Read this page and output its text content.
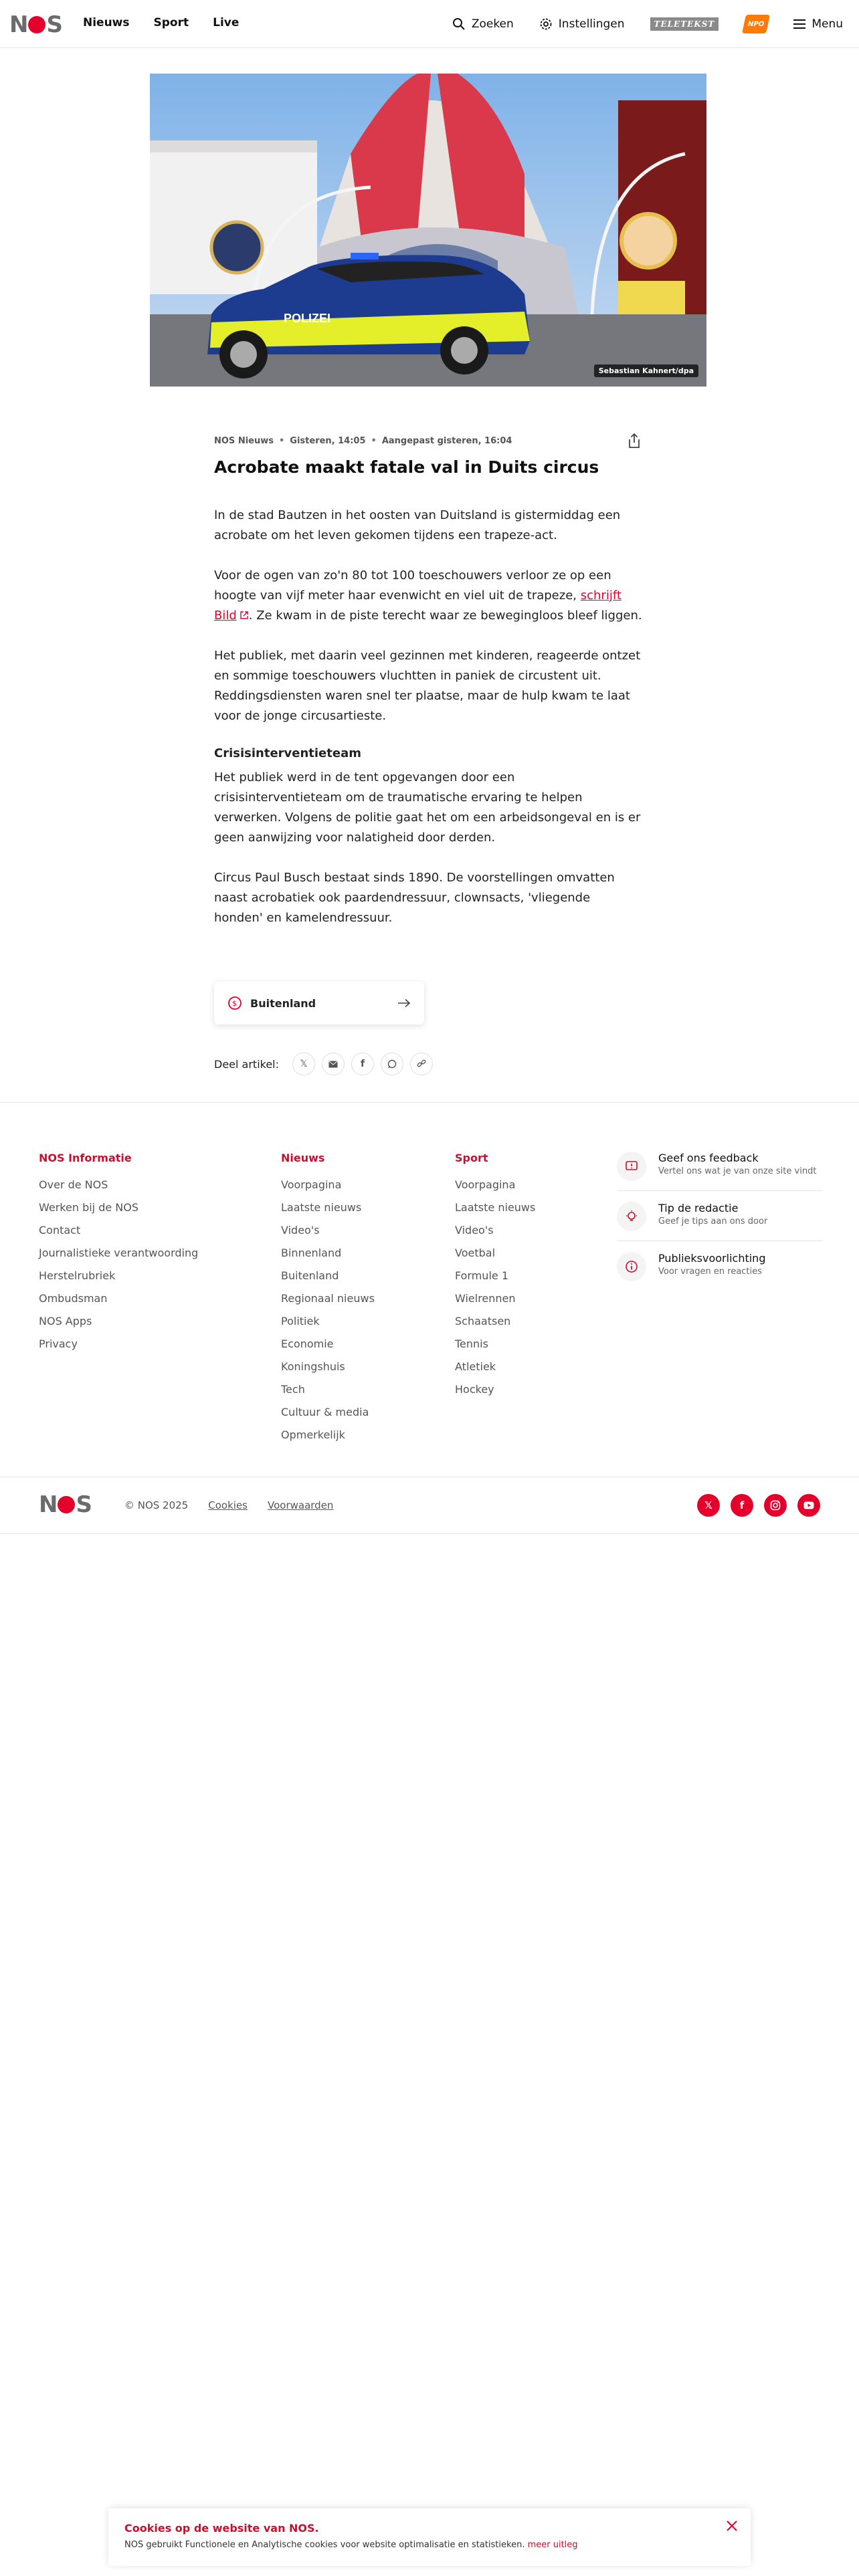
N S Nieuws Sport Live	Zoeken	Instellingen	TELETEKST	NPO	Menu
POLIZEI
Sebastian Kahnert/dpa
NOS Nieuws • Gisteren, 14:05 • Aangepast gisteren, 16:04
Acrobate maakt fatale val in Duits circus

In de stad Bautzen in het oosten van Duitsland is gistermiddag een acrobate om het leven gekomen tijdens een trapeze-act.

Voor de ogen van zo'n 80 tot 100 toeschouwers verloor ze op een hoogte van vijf meter haar evenwicht en viel uit de trapeze, schrijft Bild . Ze kwam in de piste terecht waar ze bewegingloos bleef liggen.

Het publiek, met daarin veel gezinnen met kinderen, reageerde ontzet en sommige toeschouwers vluchtten in paniek de circustent uit. Reddingsdiensten waren snel ter plaatse, maar de hulp kwam te laat voor de jonge circusartieste.

Crisisinterventieteam

Het publiek werd in de tent opgevangen door een crisisinterventieteam om de traumatische ervaring te helpen verwerken. Volgens de politie gaat het om een arbeidsongeval en is er geen aanwijzing voor nalatigheid door derden.

Circus Paul Busch bestaat sinds 1890. De voorstellingen omvatten naast acrobatiek ook paardendressuur, clownsacts, 'vliegende honden' en kamelendressuur.

$ Buitenland
Deel artikel: 𝕏	f
NOS Informatie
Over de NOS
Werken bij de NOS
Contact
Journalistieke verantwoording
Herstelrubriek
Ombudsman
NOS Apps
Privacy
Nieuws
Voorpagina
Laatste nieuws
Video's
Binnenland
Buitenland
Regionaal nieuws
Politiek
Economie
Koningshuis
Tech
Cultuur & media
Opmerkelijk
Sport
Voorpagina
Laatste nieuws
Video's
Voetbal
Formule 1
Wielrennen
Schaatsen
Tennis
Atletiek
Hockey
Geef ons feedback
Vertel ons wat je van onze site vindt
Tip de redactie
Geef je tips aan ons door
Publieksvoorlichting
Voor vragen en reacties
N S	© NOS 2025 Cookies Voorwaarden	𝕏	f
Cookies op de website van NOS.
NOS gebruikt Functionele en Analytische cookies voor website optimalisatie en statistieken. meer uitleg
